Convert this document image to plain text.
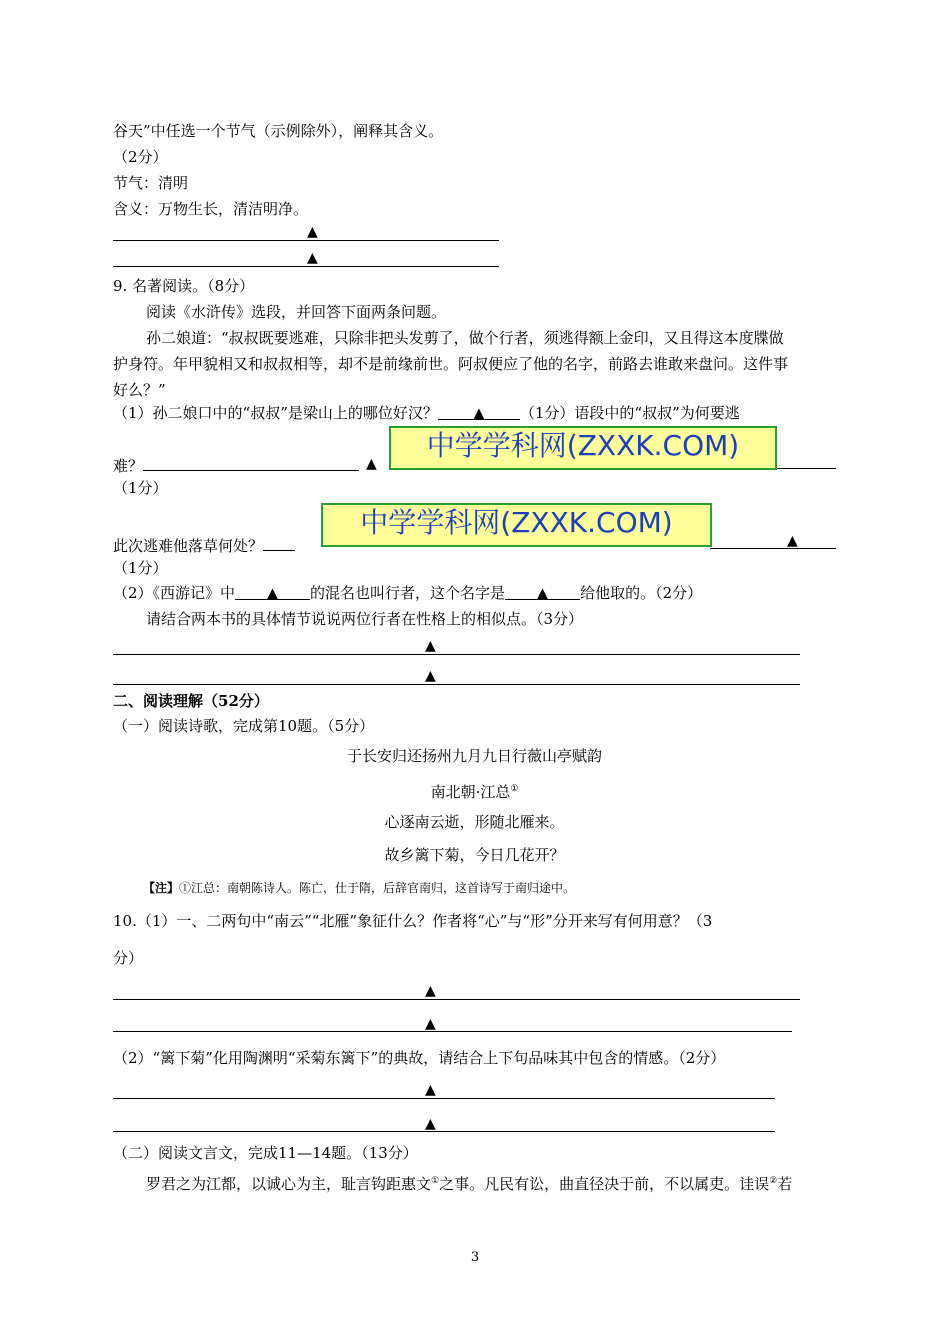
谷天”中任选一个节气（示例除外），阐释其含义。
（2分）
节气：清明
含义：万物生长，清洁明净。
▲
▲
9. 名著阅读。（8分）
阅读《水浒传》选段，并回答下面两条问题。
孙二娘道：“叔叔既要逃难，只除非把头发剪了，做个行者，须逃得额上金印，又且得这本度牒做
护身符。年甲貌相又和叔叔相等，却不是前缘前世。阿叔便应了他的名字，前路去谁敢来盘问。这件事
好么？”
（1）孙二娘口中的“叔叔”是梁山上的哪位好汉？ ▲ （1分）语段中的“叔叔”为何要逃
难？	▲
中学学科网(ZXXK.COM)
（1分）
此次逃难他落草何处？	▲
中学学科网(ZXXK.COM)
（1分）
（2）《西游记》中 ▲ 的混名也叫行者，这个名字是 ▲ 给他取的。（2分）
请结合两本书的具体情节说说两位行者在性格上的相似点。（3分）
▲
▲
二、阅读理解（52分）
（一）阅读诗歌，完成第10题。（5分）
于长安归还扬州九月九日行薇山亭赋韵
南北朝·江总①
心逐南云逝，形随北雁来。
故乡篱下菊，今日几花开？
【注】①江总：南朝陈诗人。陈亡，仕于隋，后辞官南归，这首诗写于南归途中。
10.（1）一、二两句中“南云”“北雁”象征什么？作者将“心”与“形”分开来写有何用意？（3
分）
▲
▲
（2）“篱下菊”化用陶渊明“采菊东篱下”的典故，请结合上下句品味其中包含的情感。（2分）
▲
▲
（二）阅读文言文，完成11—14题。（13分）
罗君之为江都，以诚心为主，耻言钩距惠文①之事。凡民有讼，曲直径决于前，不以属吏。诖误②若
3
